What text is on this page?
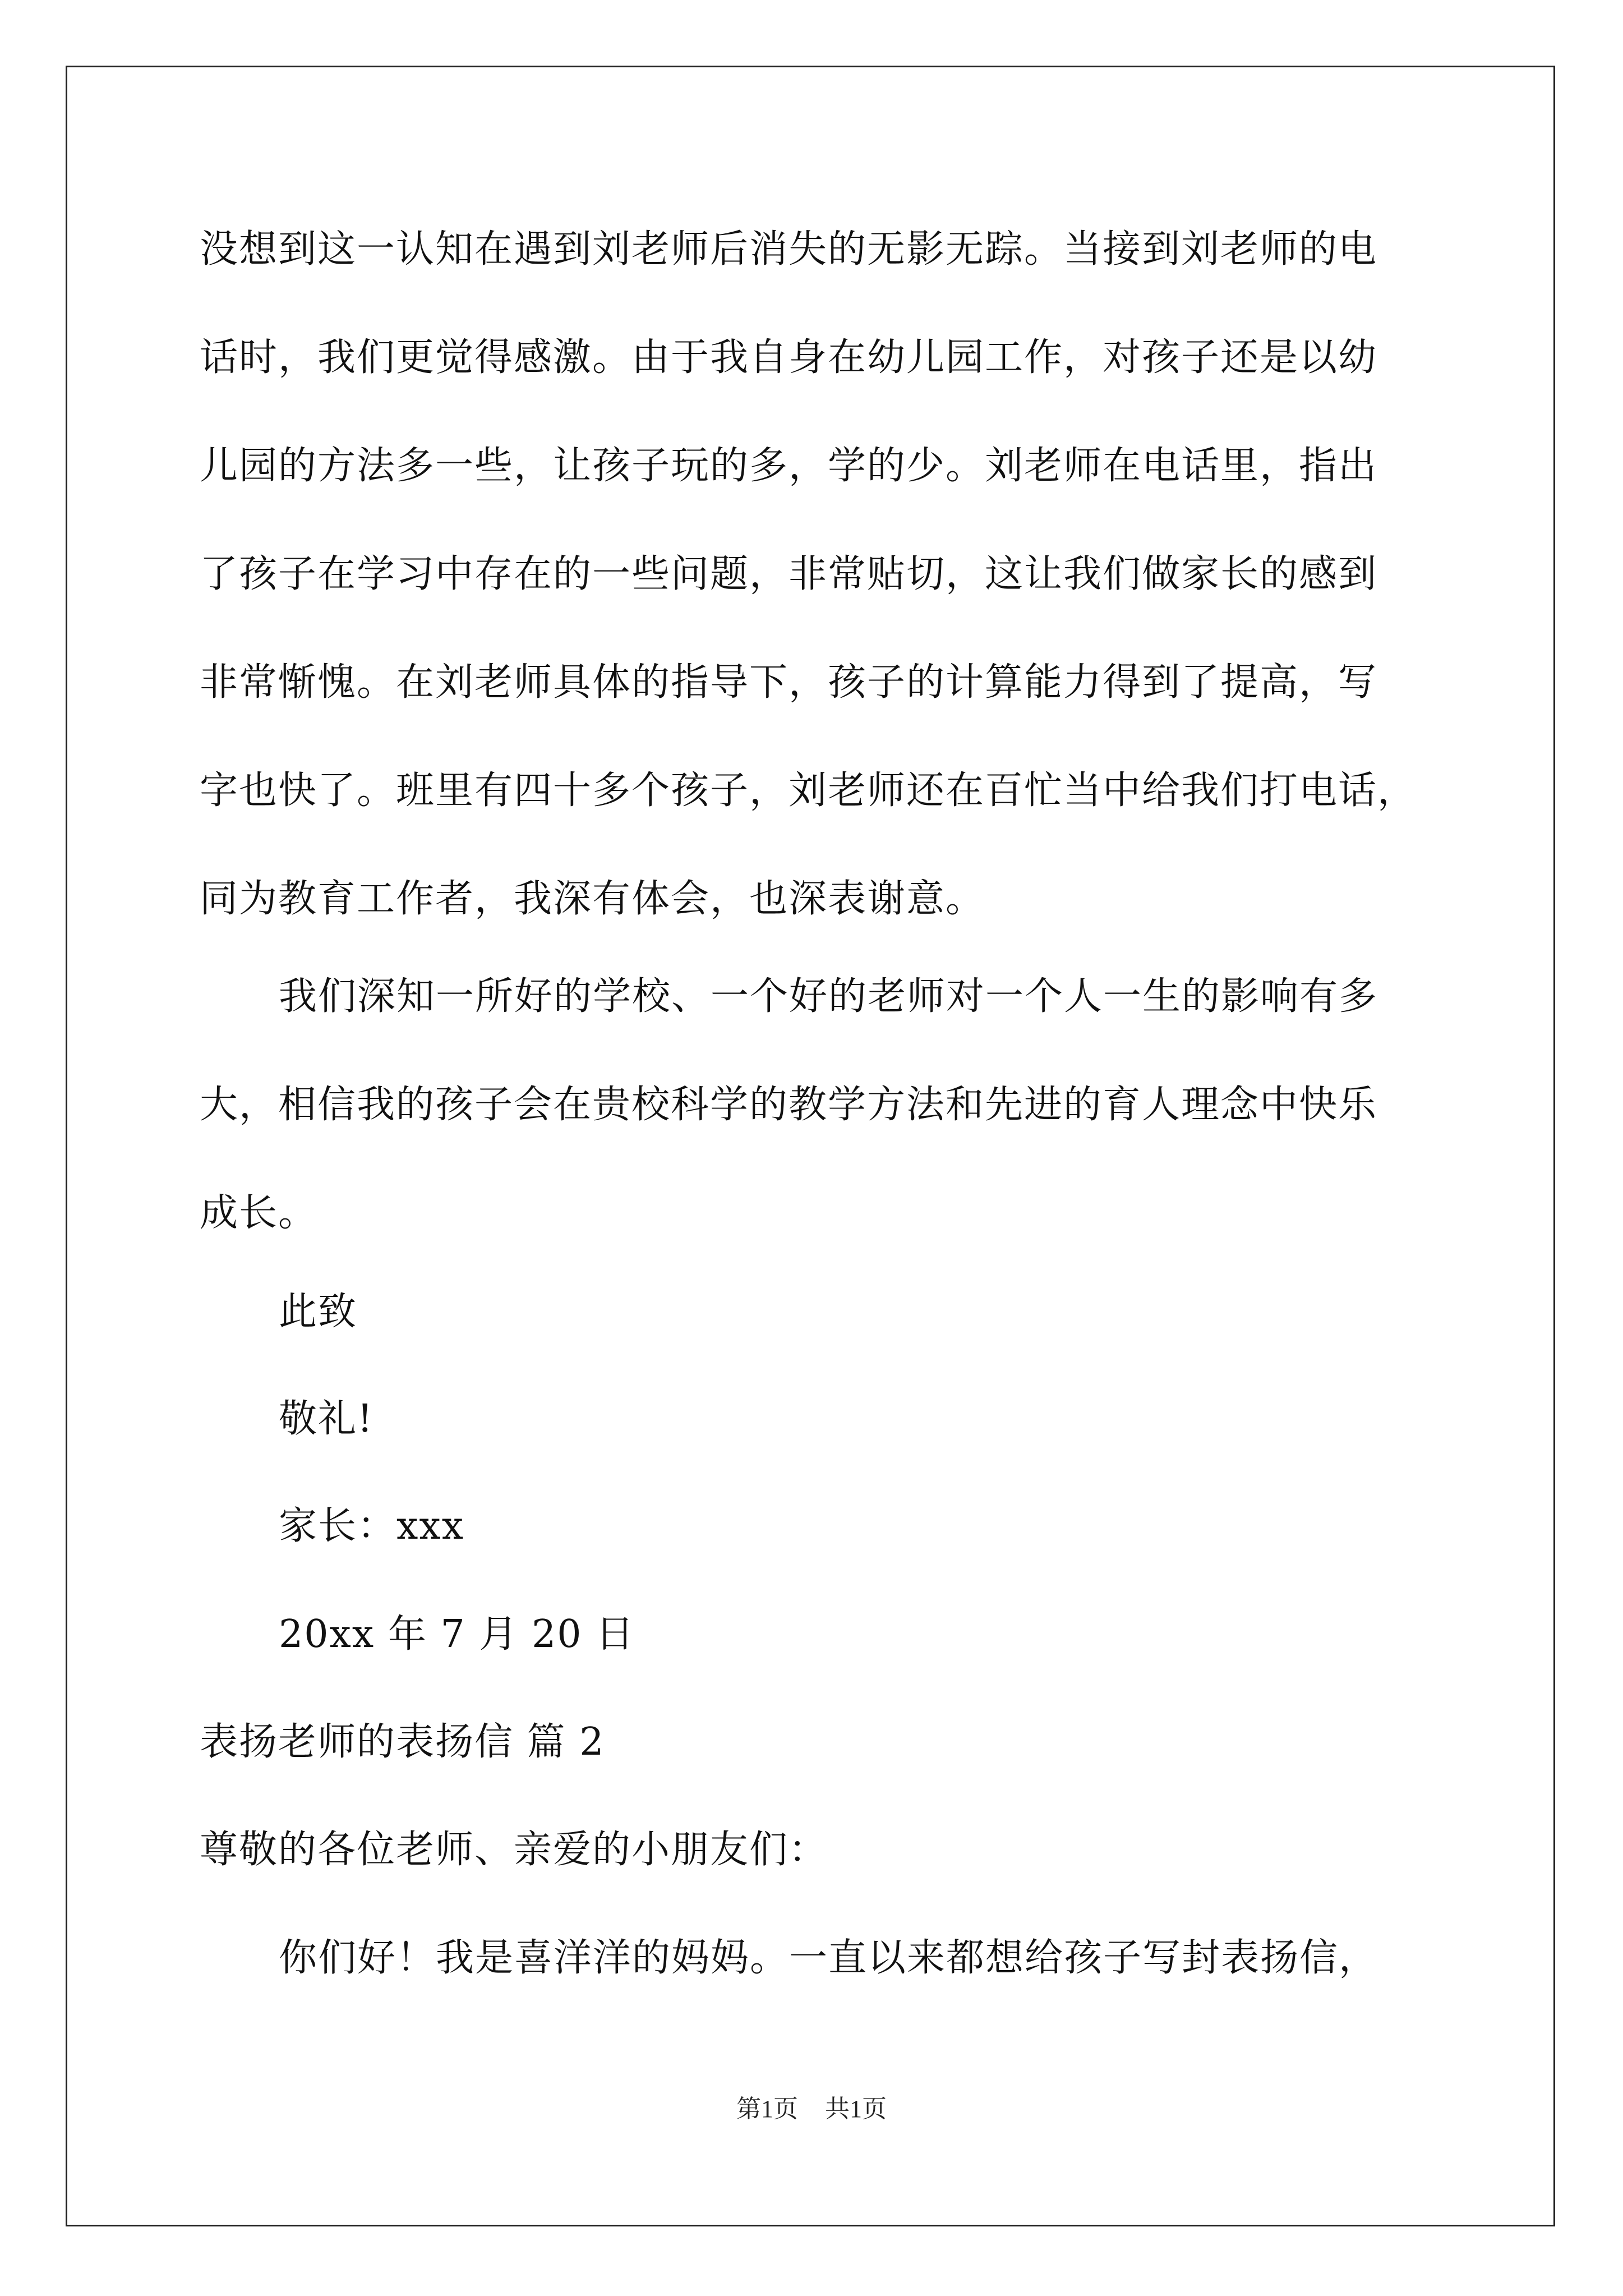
没想到这一认知在遇到刘老师后消失的无影无踪。当接到刘老师的电
话时，我们更觉得感激。由于我自身在幼儿园工作，对孩子还是以幼
儿园的方法多一些，让孩子玩的多，学的少。刘老师在电话里，指出
了孩子在学习中存在的一些问题，非常贴切，这让我们做家长的感到
非常惭愧。在刘老师具体的指导下，孩子的计算能力得到了提高，写
字也快了。班里有四十多个孩子，刘老师还在百忙当中给我们打电话，
同为教育工作者，我深有体会，也深表谢意。
我们深知一所好的学校、一个好的老师对一个人一生的影响有多
大，相信我的孩子会在贵校科学的教学方法和先进的育人理念中快乐
成长。
此致
敬礼!
家长：xxx
20xx 年 7 月 20 日
表扬老师的表扬信 篇 2
尊敬的各位老师、亲爱的小朋友们：
你们好！我是喜洋洋的妈妈。一直以来都想给孩子写封表扬信，
第1页 共1页
